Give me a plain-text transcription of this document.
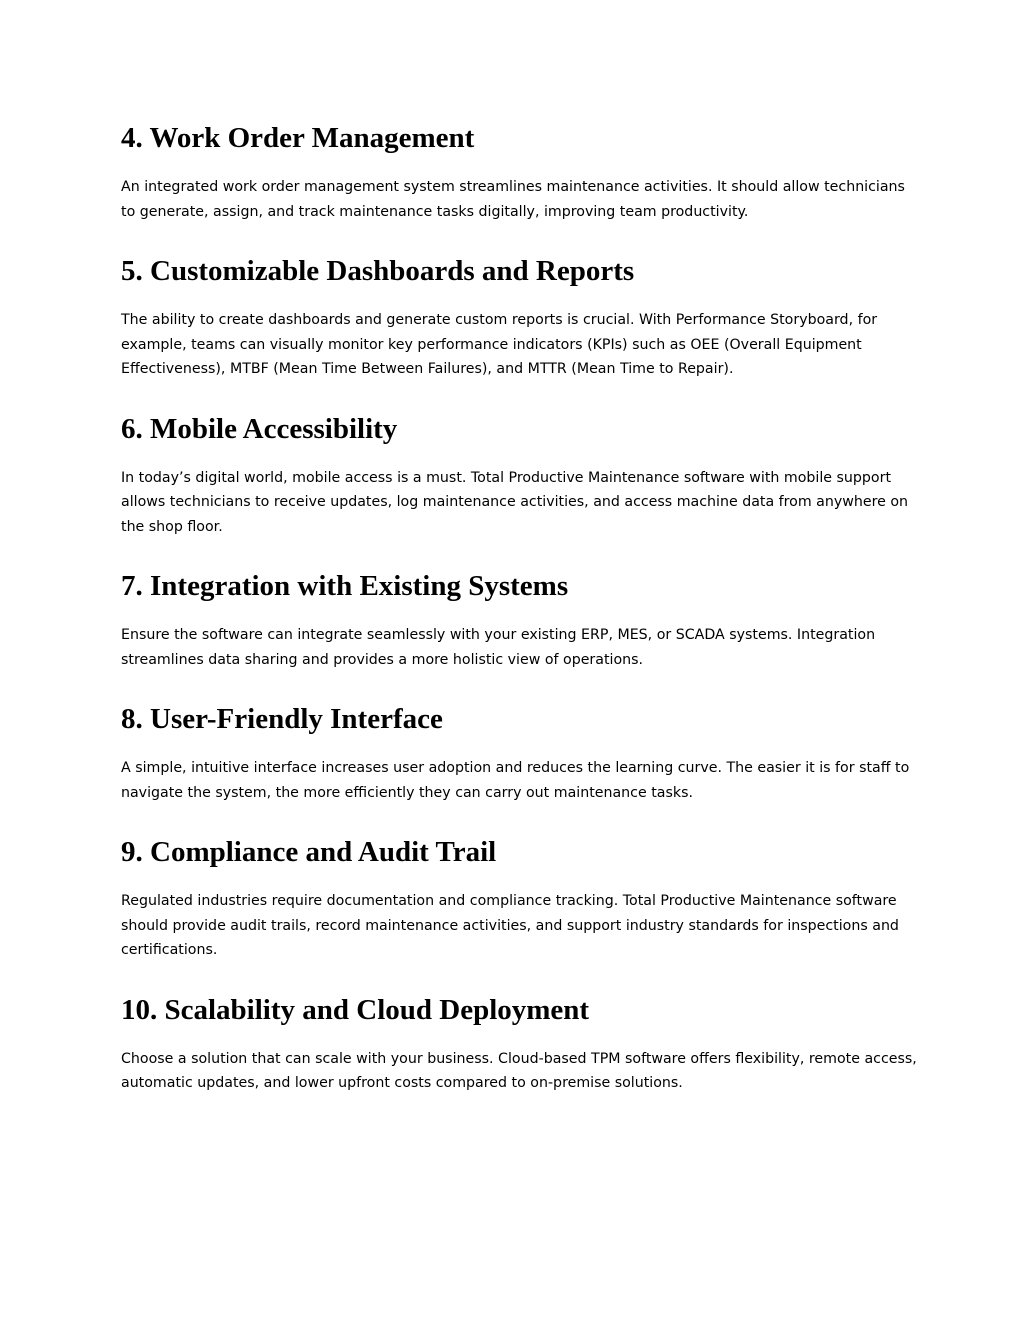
4. Work Order Management

An integrated work order management system streamlines maintenance activities. It should allow technicians to generate, assign, and track maintenance tasks digitally, improving team productivity.

5. Customizable Dashboards and Reports

The ability to create dashboards and generate custom reports is crucial. With Performance Storyboard, for example, teams can visually monitor key performance indicators (KPIs) such as OEE (Overall Equipment Effectiveness), MTBF (Mean Time Between Failures), and MTTR (Mean Time to Repair).

6. Mobile Accessibility

In today’s digital world, mobile access is a must. Total Productive Maintenance software with mobile support allows technicians to receive updates, log maintenance activities, and access machine data from anywhere on the shop floor.

7. Integration with Existing Systems

Ensure the software can integrate seamlessly with your existing ERP, MES, or SCADA systems. Integration streamlines data sharing and provides a more holistic view of operations.

8. User-Friendly Interface

A simple, intuitive interface increases user adoption and reduces the learning curve. The easier it is for staff to navigate the system, the more efficiently they can carry out maintenance tasks.

9. Compliance and Audit Trail

Regulated industries require documentation and compliance tracking. Total Productive Maintenance software should provide audit trails, record maintenance activities, and support industry standards for inspections and certifications.

10. Scalability and Cloud Deployment

Choose a solution that can scale with your business. Cloud-based TPM software offers flexibility, remote access, automatic updates, and lower upfront costs compared to on-premise solutions.
